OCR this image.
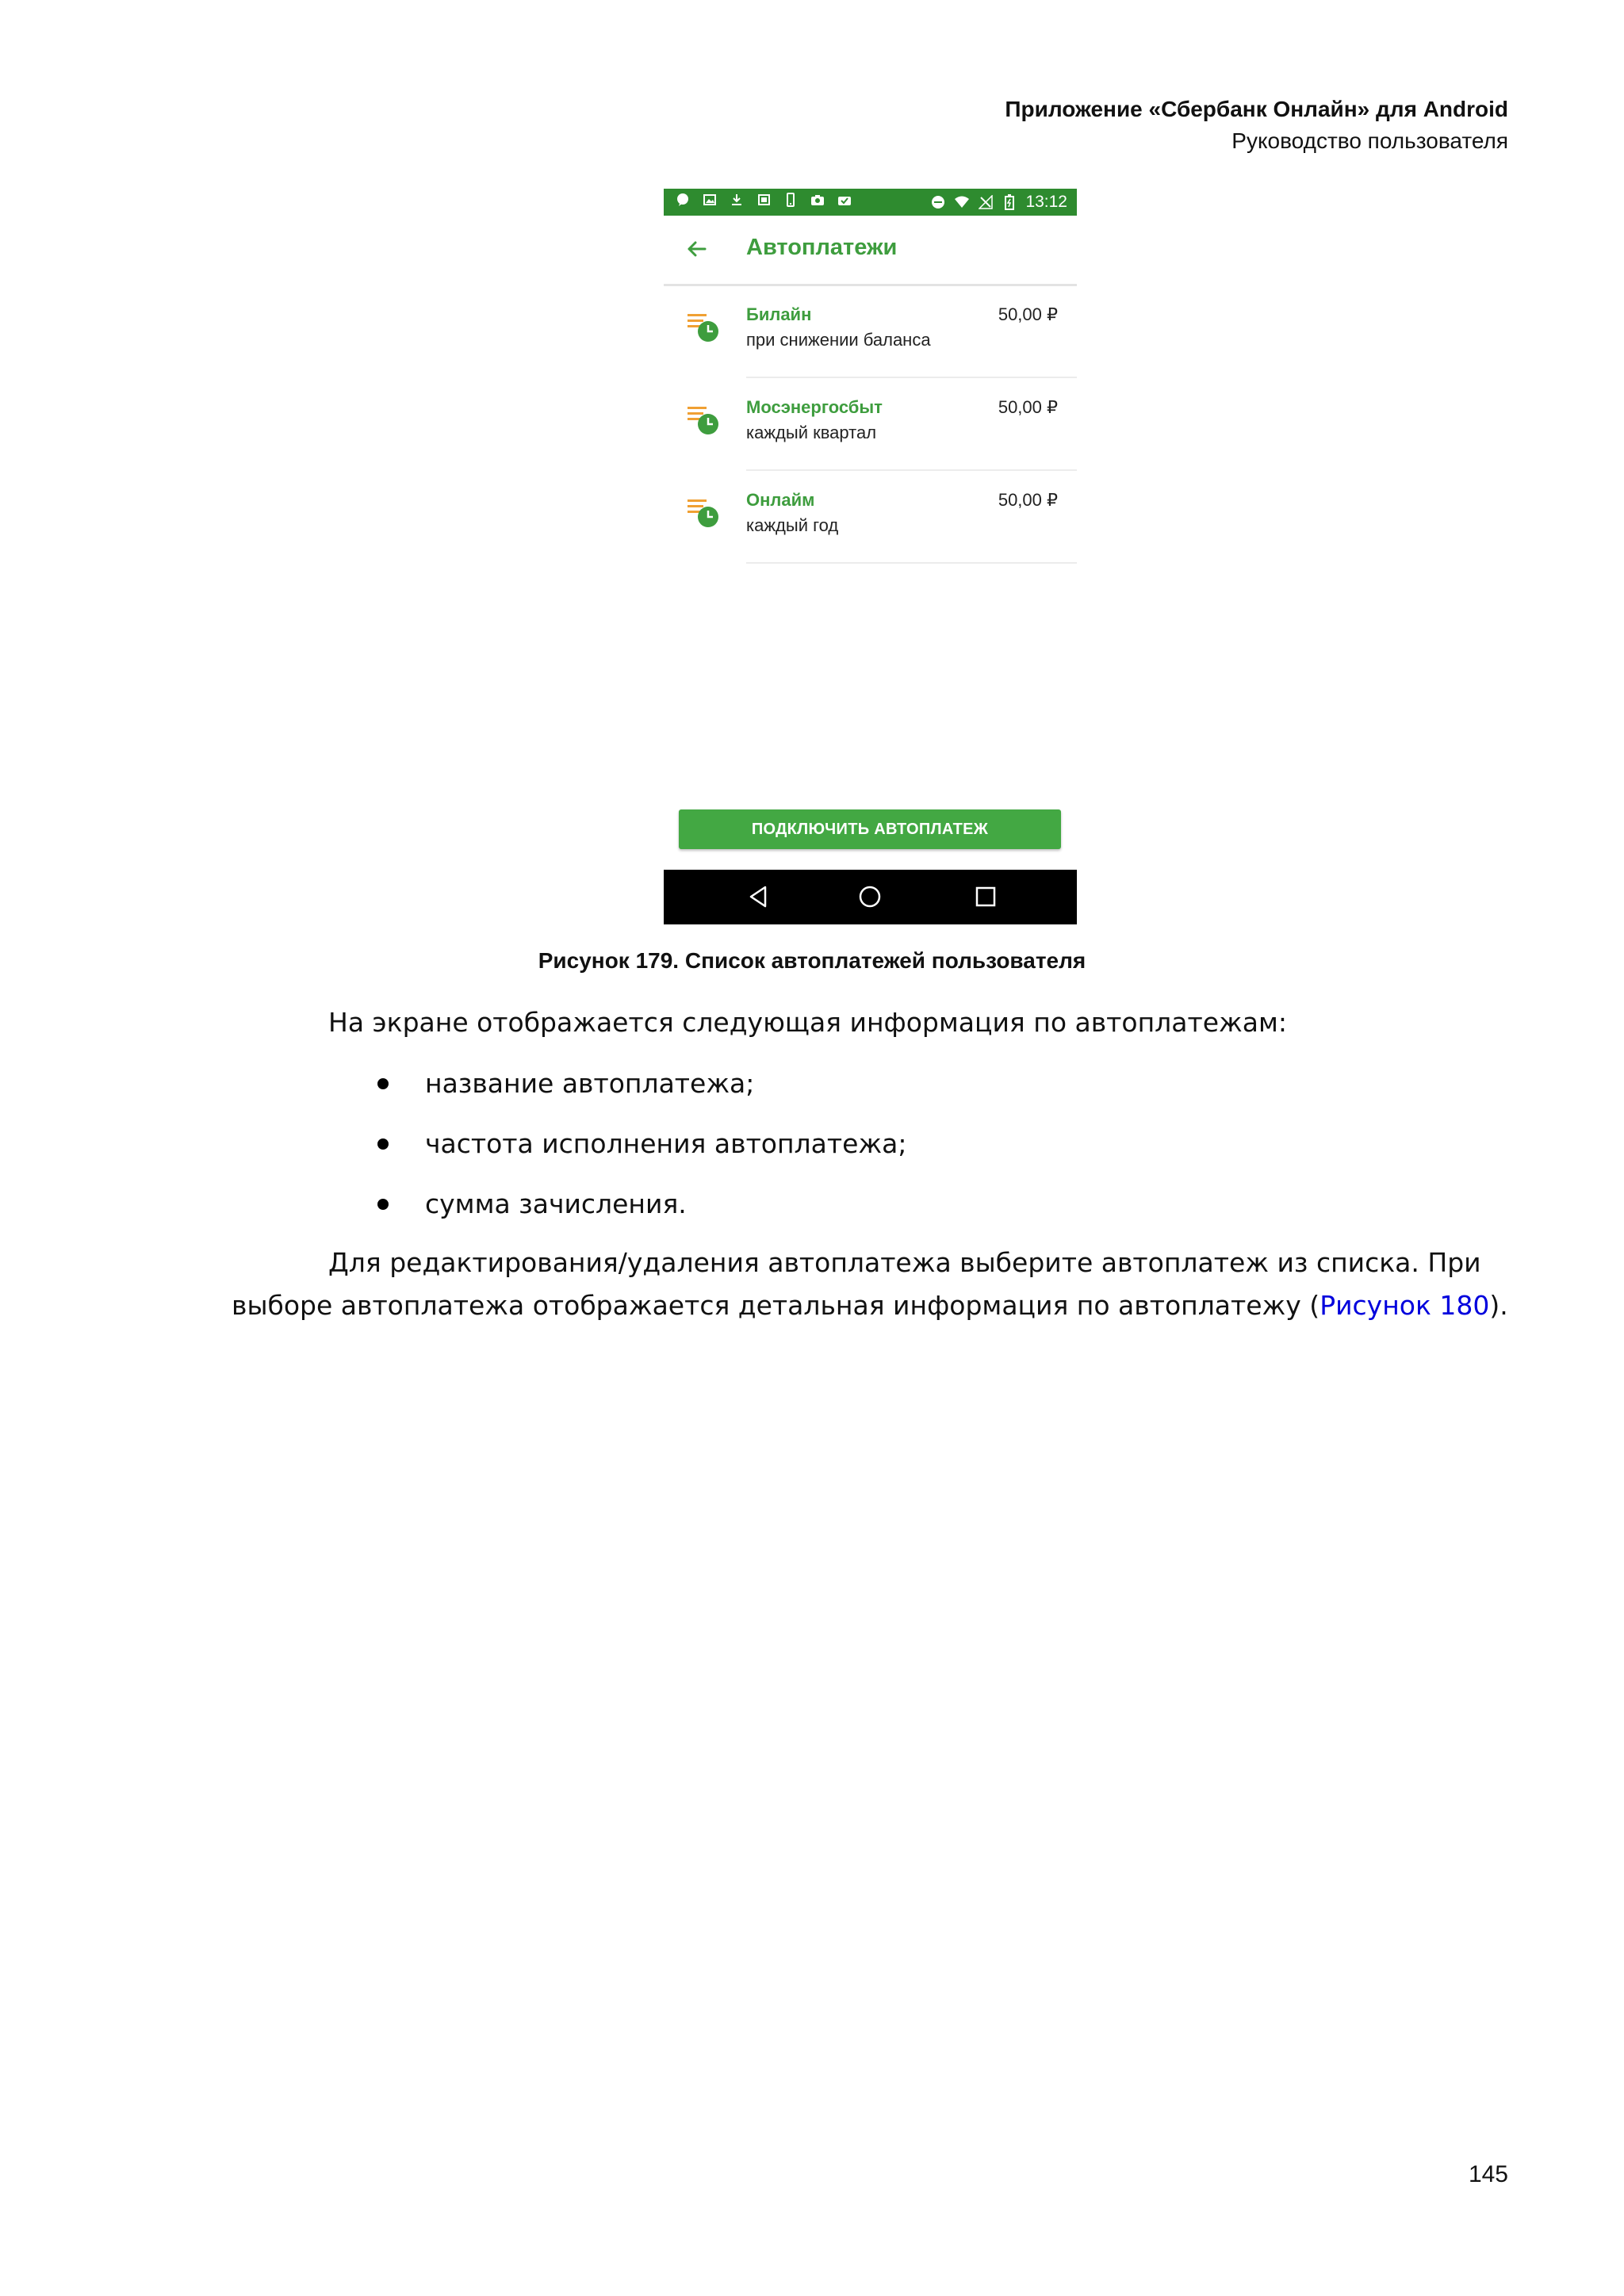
Приложение «Сбербанк Онлайн» для Android
Руководство пользователя
13:12
Автоплатежи
Билайн
при снижении баланса
50,00 ₽
Мосэнергосбыт
каждый квартал
50,00 ₽
Онлайм
каждый год
50,00 ₽
ПОДКЛЮЧИТЬ АВТОПЛАТЕЖ
Рисунок 179. Список автоплатежей пользователя
На экране отображается следующая информация по автоплатежам:
название автоплатежа;
частота исполнения автоплатежа;
сумма зачисления.
Для редактирования/удаления автоплатежа выберите автоплатеж из списка. При выборе автоплатежа отображается детальная информация по автоплатежу (Рисунок 180).
145
